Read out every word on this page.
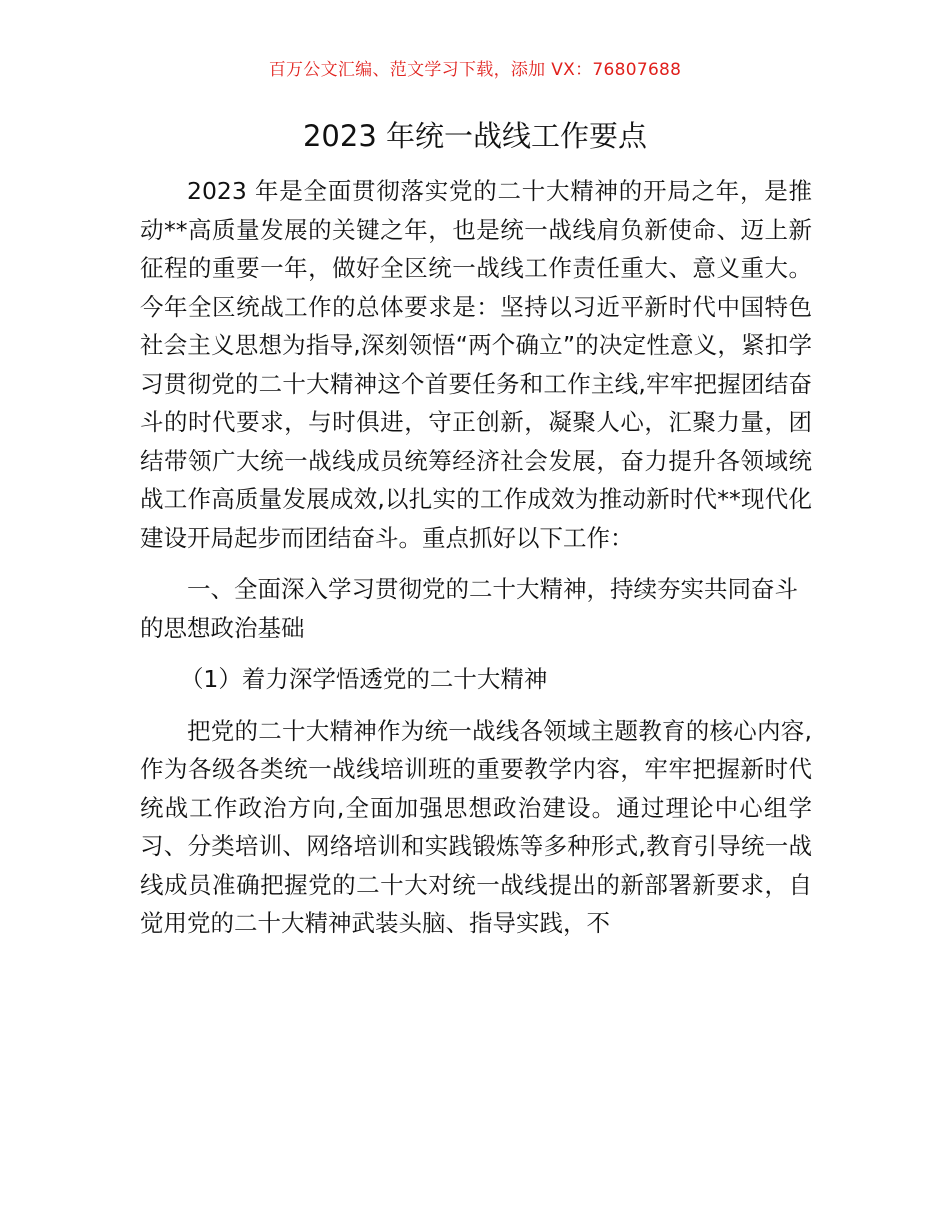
百万公文汇编、范文学习下载，添加 VX：76807688
2023 年统一战线工作要点

2023 年是全面贯彻落实党的二十大精神的开局之年，是推动**高质量发展的关键之年，也是统一战线肩负新使命、迈上新征程的重要一年，做好全区统一战线工作责任重大、意义重大。今年全区统战工作的总体要求是：坚持以习近平新时代中国特色社会主义思想为指导,深刻领悟“两个确立”的决定性意义，紧扣学习贯彻党的二十大精神这个首要任务和工作主线,牢牢把握团结奋斗的时代要求，与时俱进，守正创新，凝聚人心，汇聚力量，团结带领广大统一战线成员统筹经济社会发展，奋力提升各领域统战工作高质量发展成效,以扎实的工作成效为推动新时代**现代化建设开局起步而团结奋斗。重点抓好以下工作：

一、全面深入学习贯彻党的二十大精神，持续夯实共同奋斗的思想政治基础

（1）着力深学悟透党的二十大精神

把党的二十大精神作为统一战线各领域主题教育的核心内容,作为各级各类统一战线培训班的重要教学内容，牢牢把握新时代统战工作政治方向,全面加强思想政治建设。通过理论中心组学习、分类培训、网络培训和实践锻炼等多种形式,教育引导统一战线成员准确把握党的二十大对统一战线提出的新部署新要求，自觉用党的二十大精神武装头脑、指导实践，不
